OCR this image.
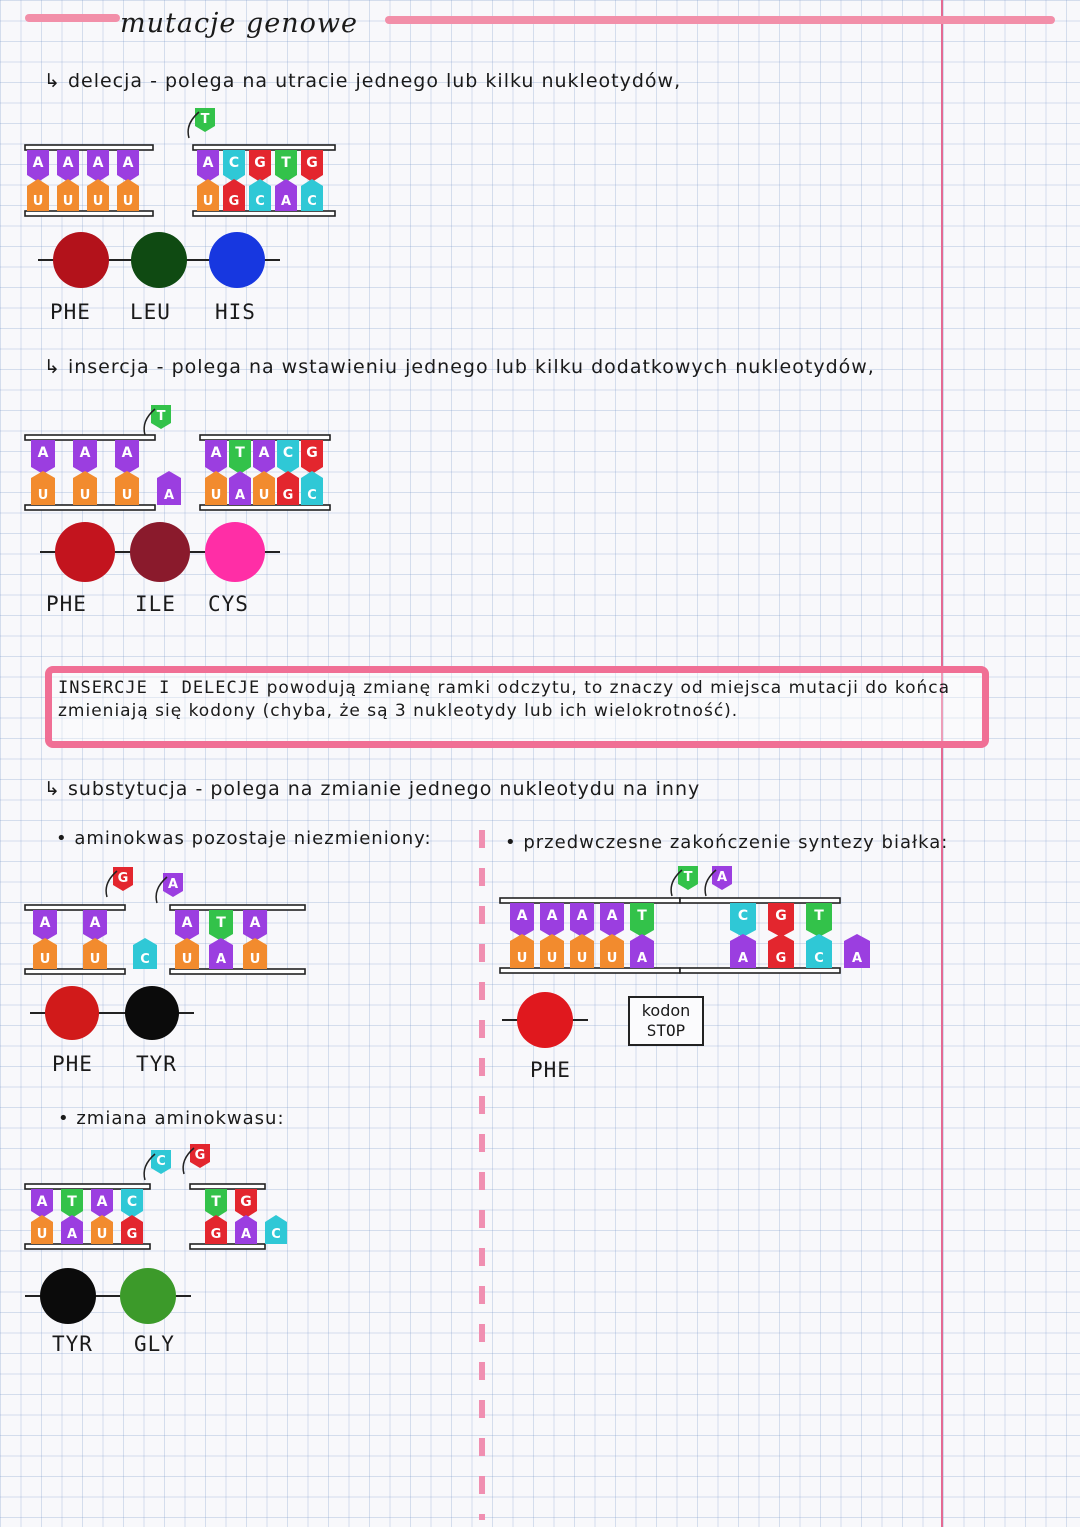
mutacje genowe
↳ delecja - polega na utracie jednego lub kilku nukleotydów,
A A A A
U U U U
A C G T G
U G C A C
T
PHE LEU HIS
↳ insercja - polega na wstawieniu jednego lub kilku dodatkowych nukleotydów,
A A A
U U U A
A T A C G
U A U G C
T
PHE ILE CYS
INSERCJE I DELECJE powodują zmianę ramki odczytu, to znaczy od miejsca mutacji do końca zmieniają się kodony (chyba, że są 3 nukleotydy lub ich wielokrotność).
↳ substytucja - polega na zmianie jednego nukleotydu na inny
• aminokwas pozostaje niezmieniony:
A	A
U	U	C
A T A
U A U
G	A
PHE TYR
• zmiana aminokwasu:
A T A C
U A U G
T G
G A C
C G
TYR GLY
• przedwczesne zakończenie syntezy białka:
A A A A T
U U U U A
C G T
A G C A
T A
PHE
kodon
STOP
